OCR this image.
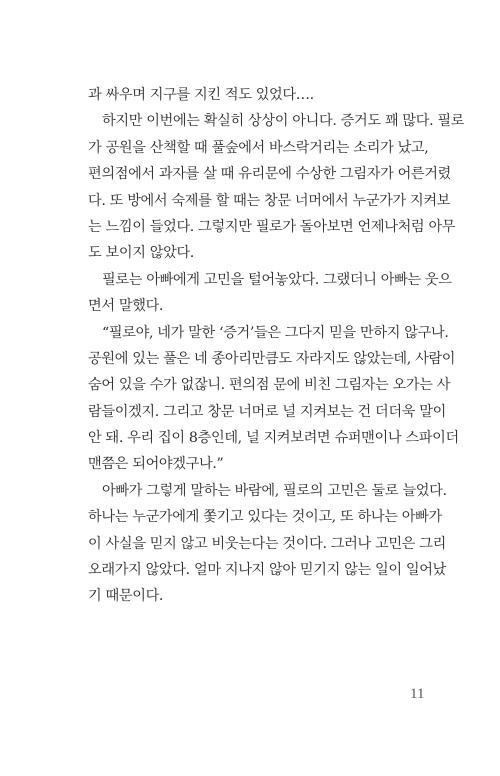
과 싸우며 지구를 지킨 적도 있었다….
하지만 이번에는 확실히 상상이 아니다. 증거도 꽤 많다. 필로
가 공원을 산책할 때 풀숲에서 바스락거리는 소리가 났고,
편의점에서 과자를 살 때 유리문에 수상한 그림자가 어른거렸
다. 또 방에서 숙제를 할 때는 창문 너머에서 누군가가 지켜보
는 느낌이 들었다. 그렇지만 필로가 돌아보면 언제나처럼 아무
도 보이지 않았다.
필로는 아빠에게 고민을 털어놓았다. 그랬더니 아빠는 웃으
면서 말했다.
“필로야, 네가 말한 ‘증거’들은 그다지 믿을 만하지 않구나.
공원에 있는 풀은 네 종아리만큼도 자라지도 않았는데, 사람이
숨어 있을 수가 없잖니. 편의점 문에 비친 그림자는 오가는 사
람들이겠지. 그리고 창문 너머로 널 지켜보는 건 더더욱 말이
안 돼. 우리 집이 8층인데, 널 지켜보려면 슈퍼맨이나 스파이더
맨쯤은 되어야겠구나.”
아빠가 그렇게 말하는 바람에, 필로의 고민은 둘로 늘었다.
하나는 누군가에게 쫓기고 있다는 것이고, 또 하나는 아빠가
이 사실을 믿지 않고 비웃는다는 것이다. 그러나 고민은 그리
오래가지 않았다. 얼마 지나지 않아 믿기지 않는 일이 일어났
기 때문이다.
11
